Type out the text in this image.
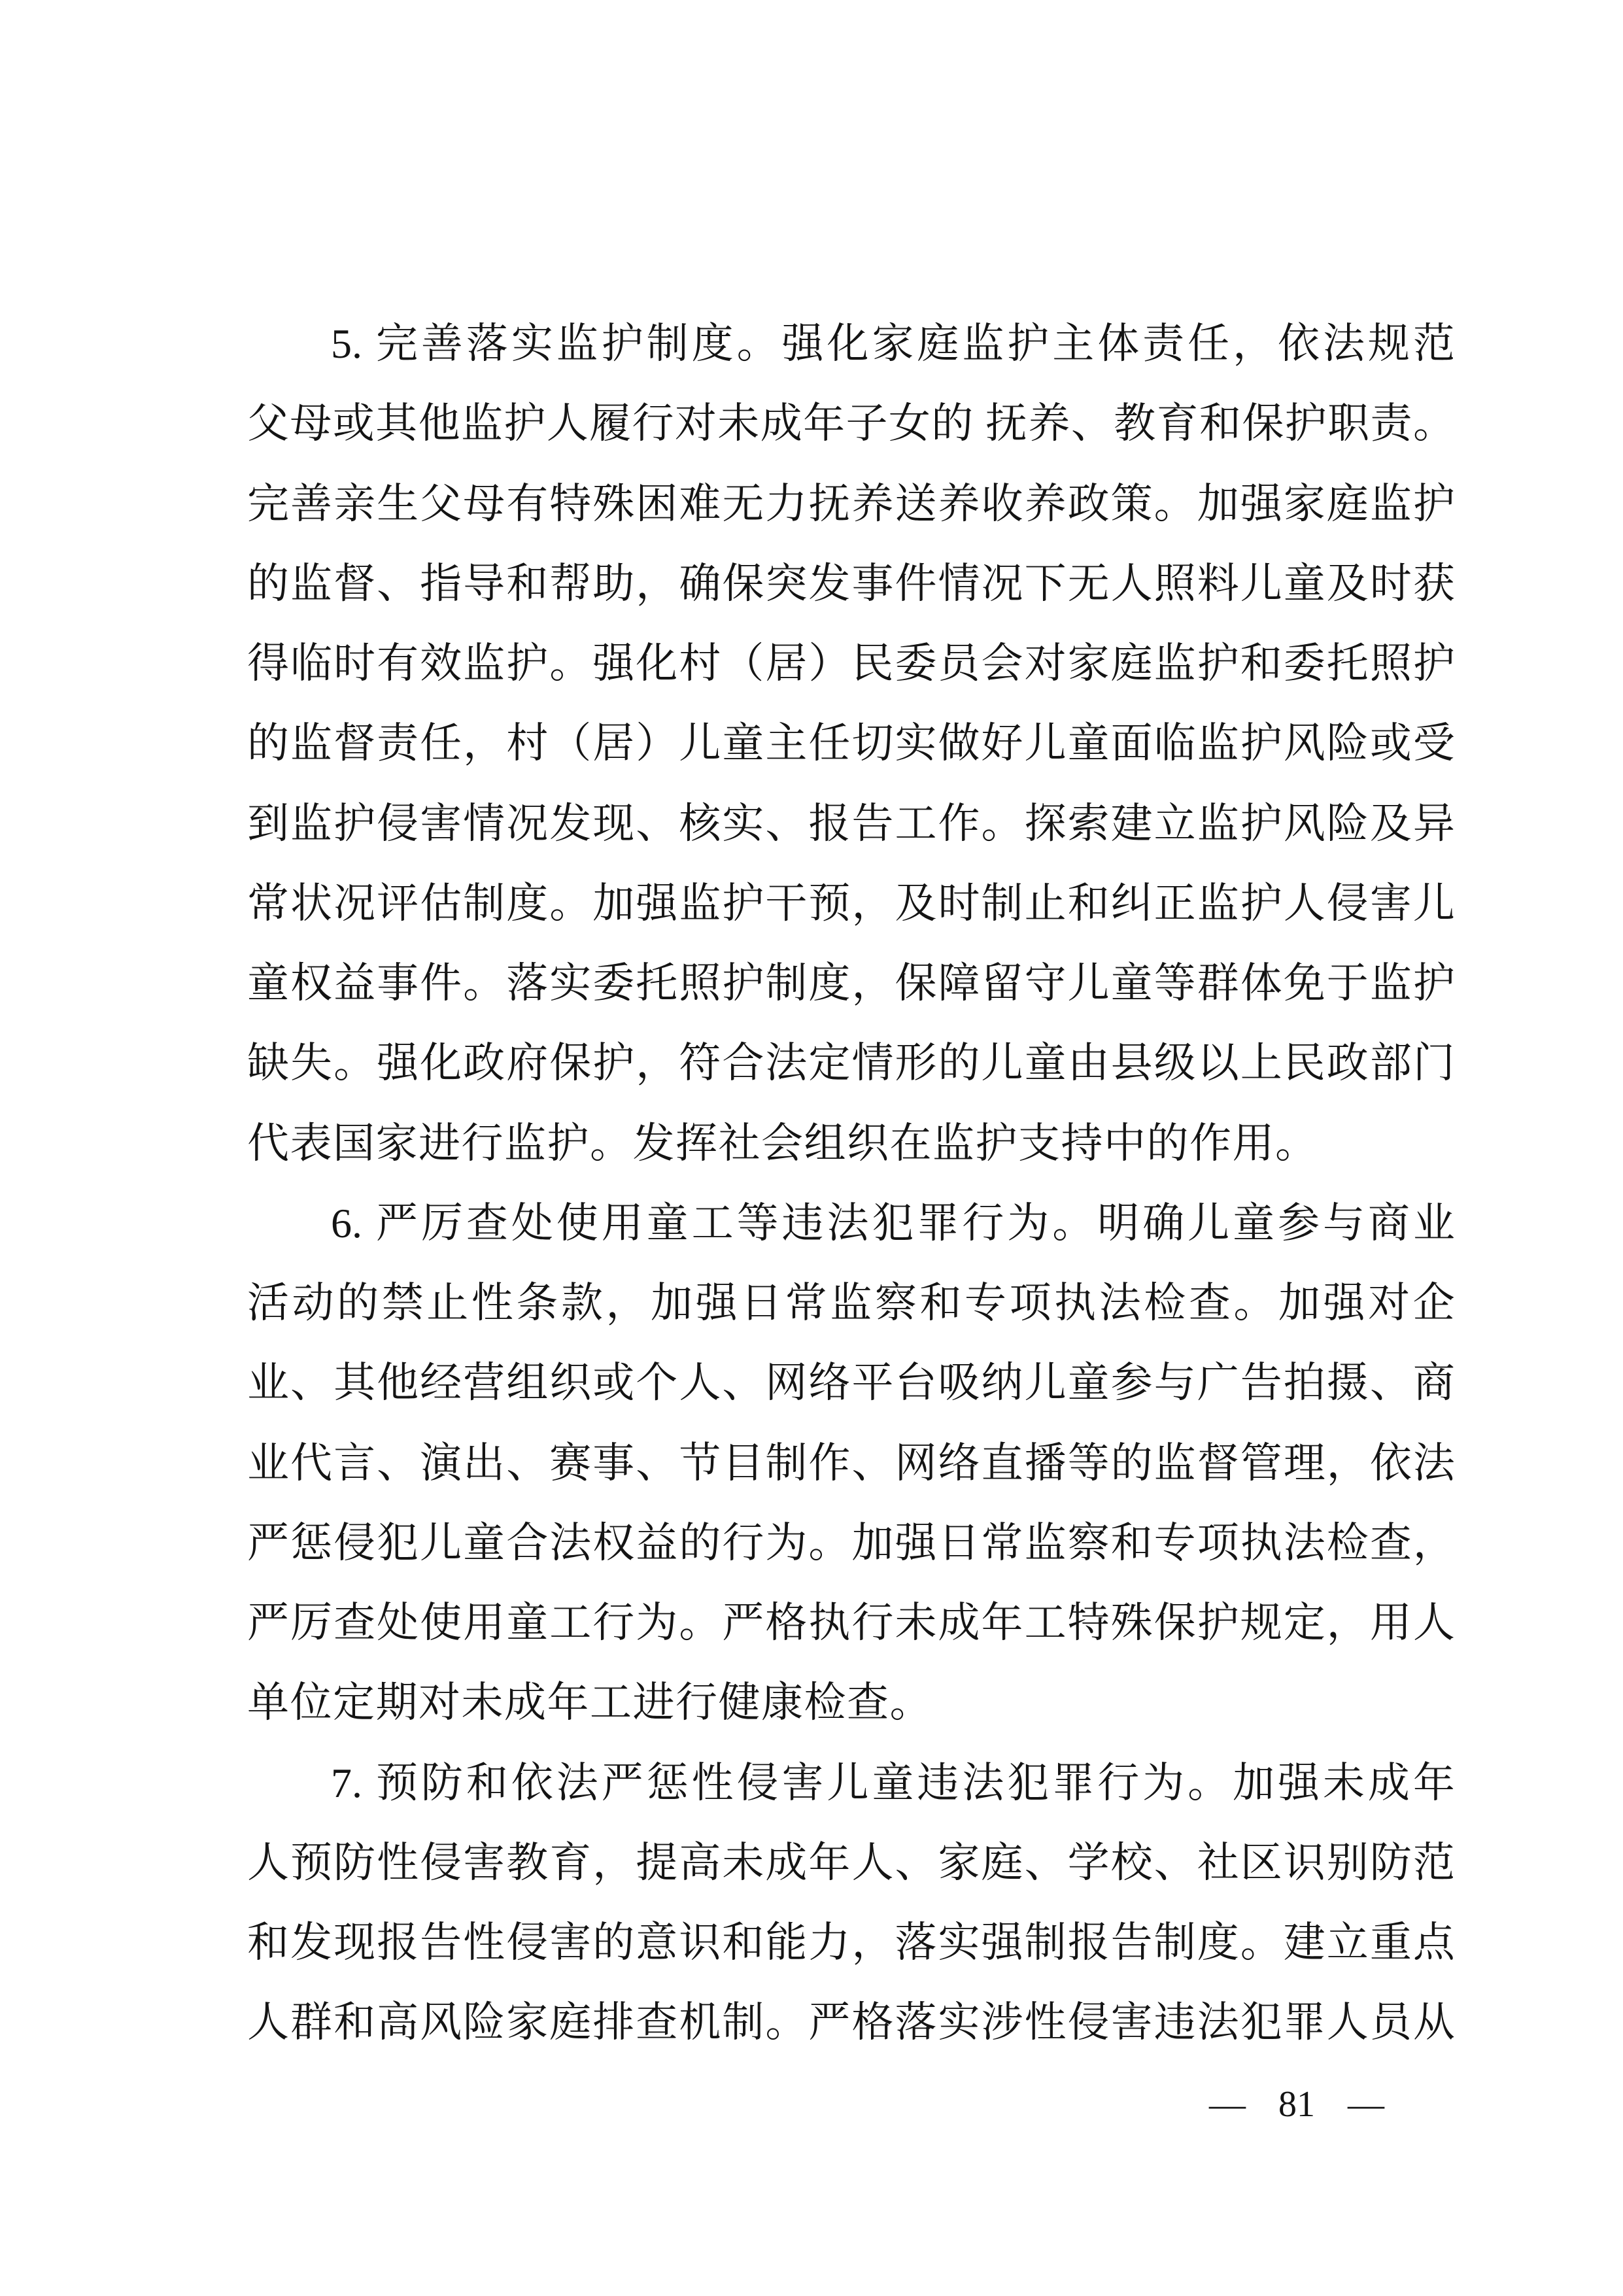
5. 完 善 落 实 监 护 制 度 。 强 化 家 庭 监 护 主 体 责 任 ， 依 法 规 范
父 母 或 其 他 监 护 人 履 行 对 未 成 年 子 女 的
抚 养 、 教 育 和 保 护 职 责 。
完 善 亲 生 父 母 有 特 殊 困 难 无 力 抚 养 送 养 收 养 政 策 。 加 强 家 庭 监 护
的 监 督 、 指 导 和 帮 助 ， 确 保 突 发 事 件 情 况 下 无 人 照 料 儿 童 及 时 获
得 临 时 有 效 监 护 。 强 化 村 （ 居 ） 民 委 员 会 对 家 庭 监 护 和 委 托 照 护
的 监 督 责 任 ， 村 （ 居 ） 儿 童 主 任 切 实 做 好 儿 童 面 临 监 护 风 险 或 受
到 监 护 侵 害 情 况 发 现 、 核 实 、 报 告 工 作 。 探 索 建 立 监 护 风 险 及 异
常 状 况 评 估 制 度 。 加 强 监 护 干 预 ， 及 时 制 止 和 纠 正 监 护 人 侵 害 儿
童 权 益 事 件 。 落 实 委 托 照 护 制 度 ， 保 障 留 守 儿 童 等 群 体 免 于 监 护
缺 失 。 强 化 政 府 保 护 ， 符 合 法 定 情 形 的 儿 童 由 县 级 以 上 民 政 部 门
代表国家进行监护。发挥社会组织在监护支持中的作用。
6. 严 厉 查 处 使 用 童 工 等 违 法 犯 罪 行 为 。 明 确 儿 童 参 与 商 业
活 动 的 禁 止 性 条 款 ， 加 强 日 常 监 察 和 专 项 执 法 检 查 。 加 强 对 企
业 、 其 他 经 营 组 织 或 个 人 、 网 络 平 台 吸 纳 儿 童 参 与 广 告 拍 摄 、 商
业 代 言 、 演 出 、 赛 事 、 节 目 制 作 、 网 络 直 播 等 的 监 督 管 理 ， 依 法
严 惩 侵 犯 儿 童 合 法 权 益 的 行 为 。 加 强 日 常 监 察 和 专 项 执 法 检 查 ，
严 厉 查 处 使 用 童 工 行 为 。 严 格 执 行 未 成 年 工 特 殊 保 护 规 定 ， 用 人
单位定期对未成年工进行健康检查。
7. 预 防 和 依 法 严 惩 性 侵 害 儿 童 违 法 犯 罪 行 为 。 加 强 未 成 年
人 预 防 性 侵 害 教 育 ， 提 高 未 成 年 人 、 家 庭 、 学 校 、 社 区 识 别 防 范
和 发 现 报 告 性 侵 害 的 意 识 和 能 力 ， 落 实 强 制 报 告 制 度 。 建 立 重 点
人 群 和 高 风 险 家 庭 排 查 机 制 。 严 格 落 实 涉 性 侵 害 违 法 犯 罪 人 员 从
— 81 —
